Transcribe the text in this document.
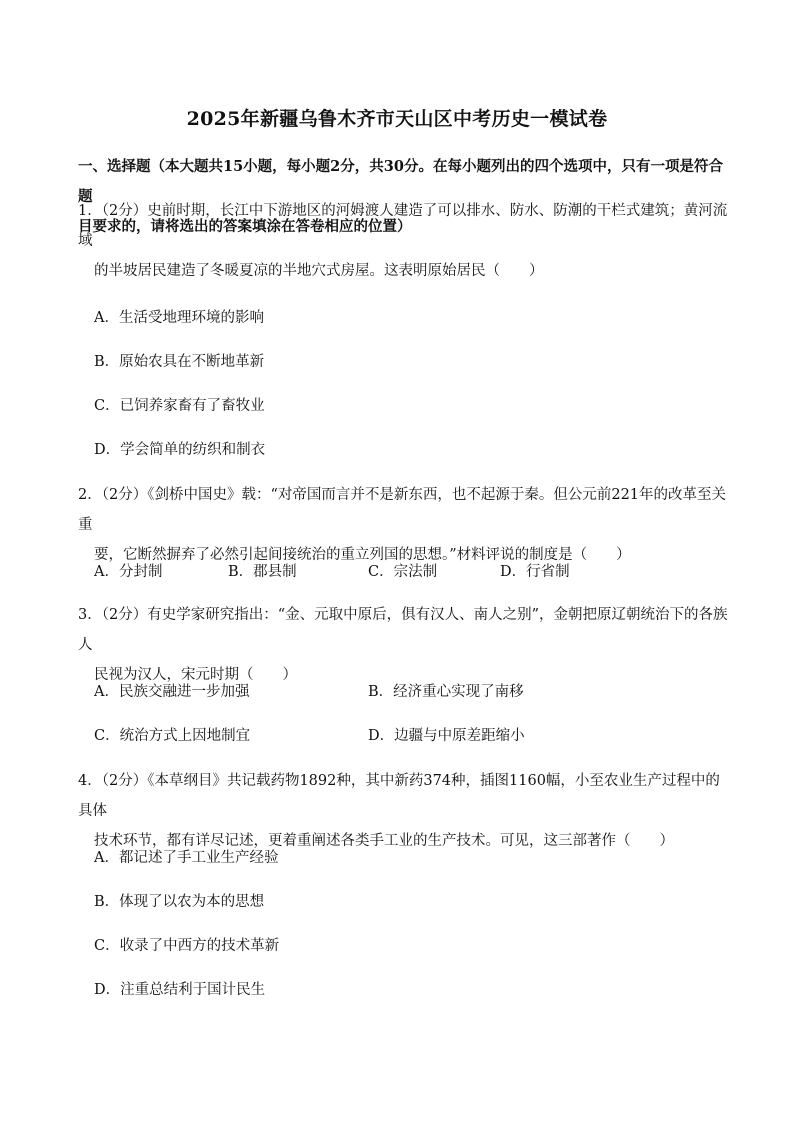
2025年新疆乌鲁木齐市天山区中考历史一模试卷
一、选择题（本大题共15小题，每小题2分，共30分。在每小题列出的四个选项中，只有一项是符合题
目要求的，请将选出的答案填涂在答卷相应的位置）
1．（2分）史前时期，长江中下游地区的河姆渡人建造了可以排水、防水、防潮的干栏式建筑；黄河流域
的半坡居民建造了冬暖夏凉的半地穴式房屋。这表明原始居民（　　）
A．生活受地理环境的影响
B．原始农具在不断地革新
C．已饲养家畜有了畜牧业
D．学会简单的纺织和制衣
2．（2分）《剑桥中国史》载：“对帝国而言并不是新东西，也不起源于秦。但公元前221年的改革至关重
要，它断然摒弃了必然引起间接统治的重立列国的思想。”材料评说的制度是（　　）
A．分封制	B．郡县制	C．宗法制	D．行省制
3．（2分）有史学家研究指出：“金、元取中原后，俱有汉人、南人之别”，金朝把原辽朝统治下的各族人
民视为汉人，宋元时期（　　）
A．民族交融进一步加强	B．经济重心实现了南移
C．统治方式上因地制宜	D．边疆与中原差距缩小
4．（2分）《本草纲目》共记载药物1892种，其中新药374种，插图1160幅，小至农业生产过程中的具体
技术环节，都有详尽记述，更着重阐述各类手工业的生产技术。可见，这三部著作（　　）
A．都记述了手工业生产经验
B．体现了以农为本的思想
C．收录了中西方的技术革新
D．注重总结利于国计民生
